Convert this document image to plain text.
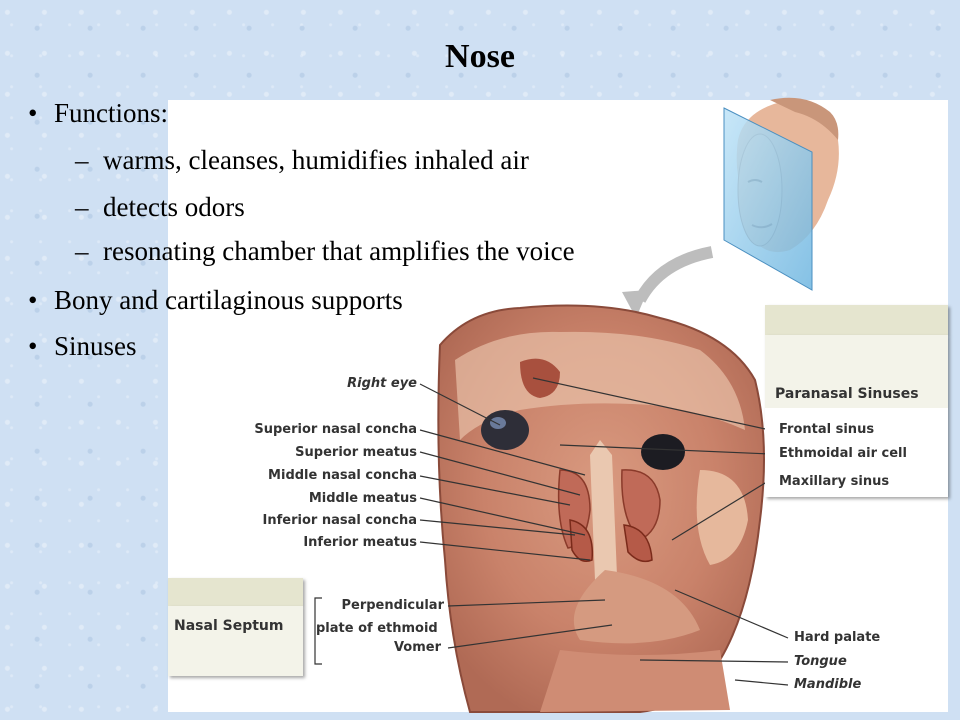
Nose
• Functions:
– warms, cleanses, humidifies inhaled air
– detects odors
– resonating chamber that amplifies the voice
• Bony and cartilaginous supports
• Sinuses
Paranasal Sinuses
Frontal sinus
Ethmoidal air cell
Maxillary sinus
Nasal Septum
Right eye
Superior nasal concha
Superior meatus
Middle nasal concha
Middle meatus
Inferior nasal concha
Inferior meatus
Perpendicular
plate of ethmoid
Vomer
Hard palate
Tongue
Mandible
